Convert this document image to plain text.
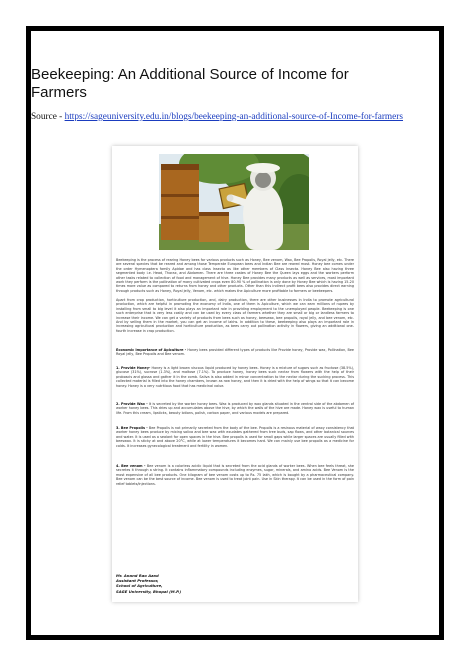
Beekeeping: An Additional Source of Income for Farmers
Source - https://sageuniversity.edu.in/blogs/beekeeping-an-additional-source-of-Income-for-farmers

Beekeeping is the process of rearing Honey bees for various products such as Honey, Bee venom, Wax, Bee Propolis, Royal jelly, etc. There are several species that be reared and among those Temperate European bees and Indian Bee are reared most. Honey bee comes under the order Hymenoptera family Apidae and has class Insecta as like other members of Class Insecta. Honey Bee also having three segmented body i.e. Head, Thorax, and Abdomen. There are three castes of Honey Bee the Queen lays eggs and the workers perform other tasks related to collection of food and management of hive. Honey Bee provides many products as well as services, most important work they perform is the pollination of many cultivated crops even 80-90 % of pollination is only done by Honey Bee which is having 15-20 times more value as compared to returns from honey and other products. Other than this indirect profit bees also provides direct earning through products such as Honey, Royal jelly, Venom, etc. which makes the Apiculture more profitable to farmers or beekeepers.

Apart from crop production, horticulture production, and, dairy production, there are other businesses in India to promote agricultural production, which are helpful in promoting the economy of India, one of them is Apiculture, which we can earn millions of rupees by installing from small to big level it also plays an important role in providing employment to the unemployed people. Beekeeping is one such enterprise that is very less costly and can be used by every class of farmers whether they are small or big or landless farmers to increase their income. We can get a variety of products from bees such as honey, beeswax, bee propolis, royal jelly, and bee venom, etc. And by selling them in the market, you can get an income of lakhs. In addition to these, beekeeping also plays an important role in increasing agricultural production and horticulture production, as bees carry out pollination activity in flowers, giving an additional one-fourth increase in crop production.

Economic Importance of Apiculture - Honey bees provided different types of products like Provide honey, Provide wax, Pollination, Bee Royal jelly, Bee Propolis and Bee venom.

1. Provide Honey- Honey is a light brown viscous liquid produced by honey bees. Honey is a mixture of sugars such as fructose (38.5%), glucose (31%), sucrose (1.3%), and maltose (7.1%). To produce honey, honey bees suck nectar from flowers with the help of their proboscis and glossa and gather it in the comb. Saliva is also added in minor concentration to the nectar during the sucking process. This collected material is filled into the honey chambers, known as raw honey, and then it is dried with the help of wings so that it can become honey. Honey is a very nutritious food that has medicinal value.

2. Provide Wax - It is secreted by the worker honey bees. Wax is produced by wax glands situated in the ventral side of the abdomen of worker honey bees. This dries up and accumulates above the hive, by which the walls of the hive are made. Honey wax is useful to human life. From this cream, lipsticks, beauty lotions, polish, carbon paper, and various models are prepared.

3. Bee Propolis - Bee Propolis is not primarily secreted from the body of the bee. Propolis is a resinous material of waxy consistency that worker honey bees produce by mixing saliva and bee wax with exudates gathered from tree buds, sap flows, and other botanical sources and water. It is used as a sealant for open spaces in the hive. Bee propolis is used for small gaps while larger spaces are usually filled with beeswax. It is sticky at and above 20°C, while at lower temperatures it becomes hard. We can mainly use bee propolis as a medicine for colds. It increases gynecological treatment and fertility in women.

4. Bee venom - Bee venom is a colorless acidic liquid that is secreted from the acid glands of worker bees. When bee feels threat, she secretes it through a string. It contains inflammatory compounds including enzymes, sugar, minerals, and amino acids. Bee Venom is the most expensive of all bee products. One kilogram of bee venom costs up to Rs. 75 lakh, which is bought by a pharmaceutical company. Bee venom can be the best source of income. Bee venom is used to treat joint pain. Use in Skin therapy. It can be used in the form of pain relief tablets/injections.

Mr. Anand Rao Azad
Assistant Professor,
School of Agriculture,
SAGE University, Bhopal (M.P.)
